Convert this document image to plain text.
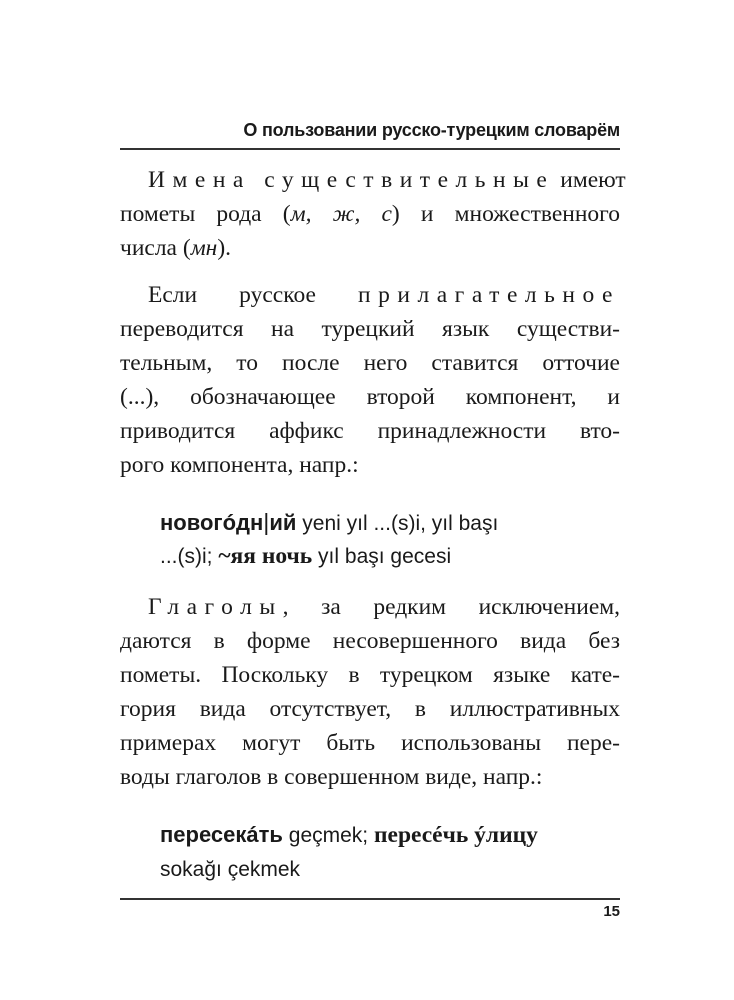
О пользовании русско-турецким словарём
Имена существительные имеют
пометы рода (м, ж, с) и множественного
числа (мн).
Если русское прилагательное
переводится на турецкий язык существи-
тельным, то после него ставится отточие
(...), обозначающее второй компонент, и
приводится аффикс принадлежности вто-
рого компонента, напр.:
новогóдн|ий yeni yıl ...(s)i, yıl başı
...(s)i; ~яя ночь yıl başı gecesi
Глаголы, за редким исключением,
даются в форме несовершенного вида без
пометы. Поскольку в турецком языке кате-
гория вида отсутствует, в иллюстративных
примерах могут быть использованы пере-
воды глаголов в совершенном виде, напр.:
пересекáть geçmek; пересéчь ýлицу
sokağı çekmek
15
